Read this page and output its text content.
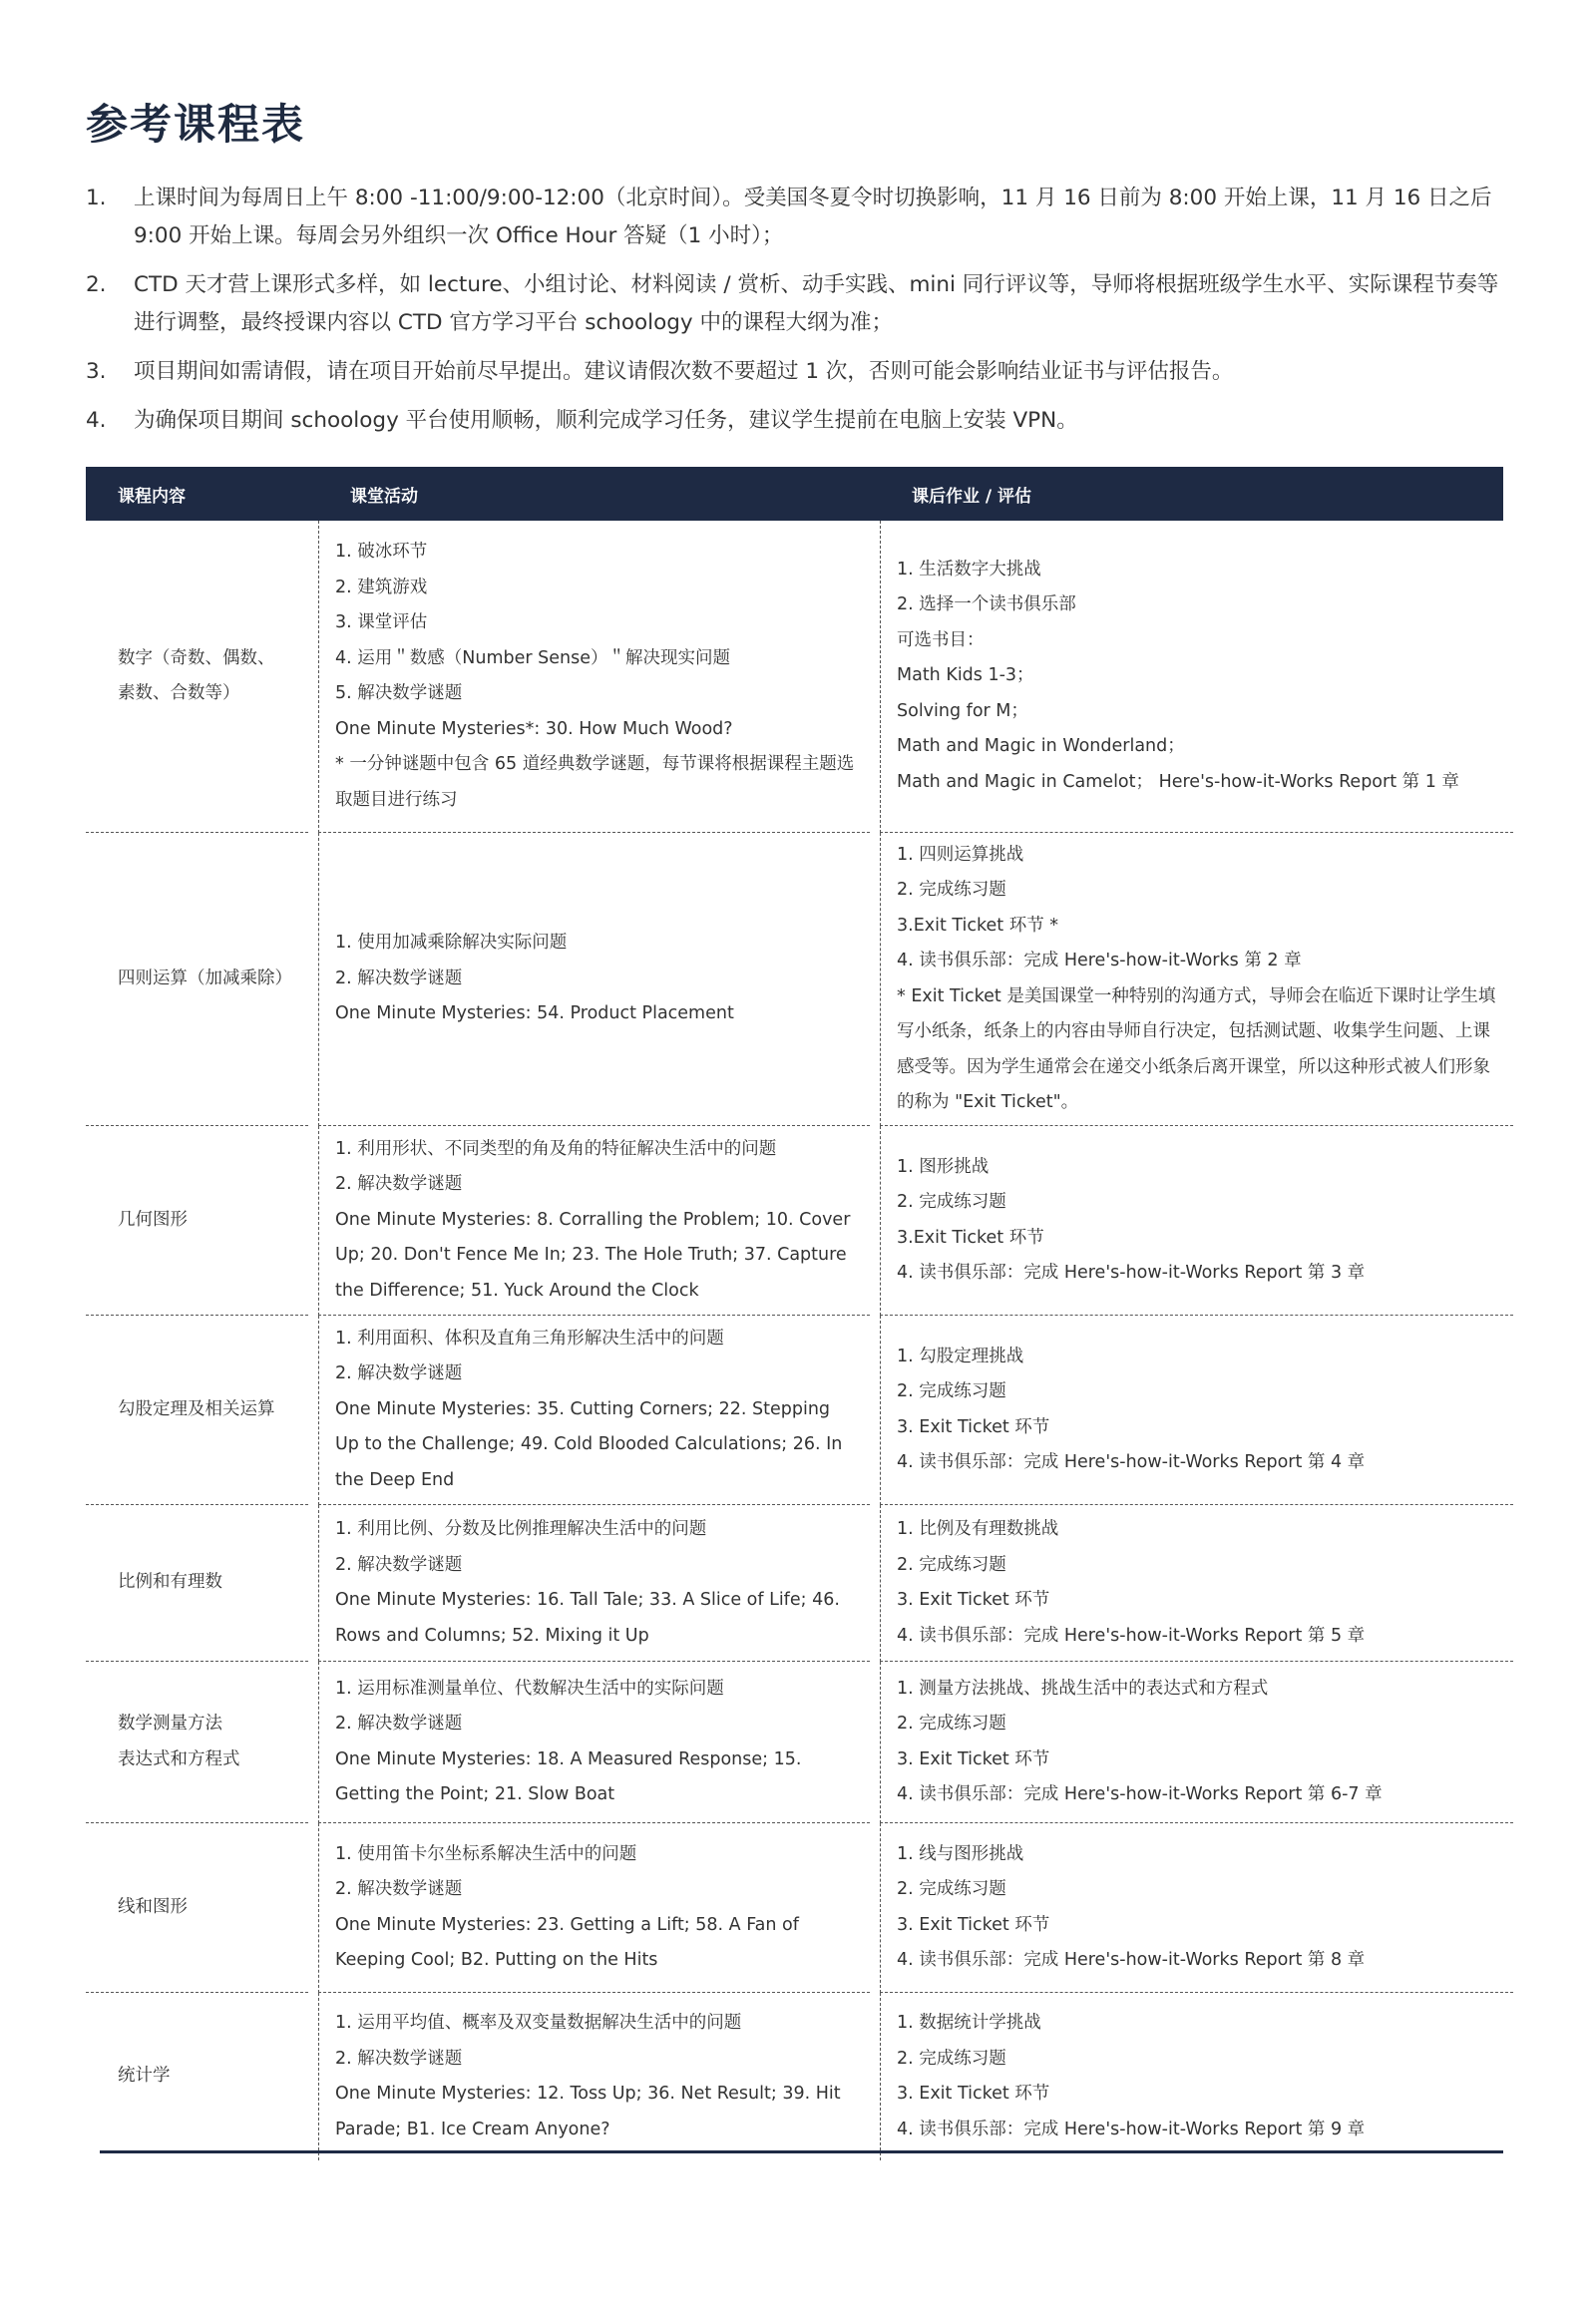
参考课程表
1. 上课时间为每周日上午 8:00 -11:00/9:00-12:00（北京时间）。受美国冬夏令时切换影响，11 月 16 日前为 8:00 开始上课，11 月 16 日之后 9:00 开始上课。每周会另外组织一次 Office Hour 答疑（1 小时）；
2. CTD 天才营上课形式多样，如 lecture、小组讨论、材料阅读 / 赏析、动手实践、mini 同行评议等，导师将根据班级学生水平、实际课程节奏等进行调整，最终授课内容以 CTD 官方学习平台 schoology 中的课程大纲为准；
3. 项目期间如需请假，请在项目开始前尽早提出。建议请假次数不要超过 1 次，否则可能会影响结业证书与评估报告。
4. 为确保项目期间 schoology 平台使用顺畅，顺利完成学习任务，建议学生提前在电脑上安装 VPN。
课程内容	课堂活动	课后作业 / 评估
数字（奇数、偶数、素数、合数等）
1. 破冰环节
2. 建筑游戏
3. 课堂评估
4. 运用＂数感（Number Sense）＂解决现实问题
5. 解决数学谜题
One Minute Mysteries*: 30. How Much Wood?
* 一分钟谜题中包含 65 道经典数学谜题，每节课将根据课程主题选取题目进行练习
1. 生活数字大挑战
2. 选择一个读书俱乐部
可选书目：
Math Kids 1-3；
Solving for M；
Math and Magic in Wonderland；
Math and Magic in Camelot； Here's-how-it-Works Report 第 1 章
四则运算（加减乘除）
1. 使用加减乘除解决实际问题
2. 解决数学谜题
One Minute Mysteries: 54. Product Placement
1. 四则运算挑战
2. 完成练习题
3.Exit Ticket 环节 *
4. 读书俱乐部：完成 Here's-how-it-Works 第 2 章
* Exit Ticket 是美国课堂一种特别的沟通方式，导师会在临近下课时让学生填写小纸条，纸条上的内容由导师自行决定，包括测试题、收集学生问题、上课感受等。因为学生通常会在递交小纸条后离开课堂，所以这种形式被人们形象的称为 "Exit Ticket"。
几何图形
1. 利用形状、不同类型的角及角的特征解决生活中的问题
2. 解决数学谜题
One Minute Mysteries: 8. Corralling the Problem; 10. Cover Up; 20. Don't Fence Me In; 23. The Hole Truth; 37. Capture the Difference; 51. Yuck Around the Clock
1. 图形挑战
2. 完成练习题
3.Exit Ticket 环节
4. 读书俱乐部：完成 Here's-how-it-Works Report 第 3 章
勾股定理及相关运算
1. 利用面积、体积及直角三角形解决生活中的问题
2. 解决数学谜题
One Minute Mysteries: 35. Cutting Corners; 22. Stepping Up to the Challenge; 49. Cold Blooded Calculations; 26. In the Deep End
1. 勾股定理挑战
2. 完成练习题
3. Exit Ticket 环节
4. 读书俱乐部：完成 Here's-how-it-Works Report 第 4 章
比例和有理数
1. 利用比例、分数及比例推理解决生活中的问题
2. 解决数学谜题
One Minute Mysteries: 16. Tall Tale; 33. A Slice of Life; 46. Rows and Columns; 52. Mixing it Up
1. 比例及有理数挑战
2. 完成练习题
3. Exit Ticket 环节
4. 读书俱乐部：完成 Here's-how-it-Works Report 第 5 章
数学测量方法
表达式和方程式
1. 运用标准测量单位、代数解决生活中的实际问题
2. 解决数学谜题
One Minute Mysteries: 18. A Measured Response; 15. Getting the Point; 21. Slow Boat
1. 测量方法挑战、挑战生活中的表达式和方程式
2. 完成练习题
3. Exit Ticket 环节
4. 读书俱乐部：完成 Here's-how-it-Works Report 第 6-7 章
线和图形
1. 使用笛卡尔坐标系解决生活中的问题
2. 解决数学谜题
One Minute Mysteries: 23. Getting a Lift; 58. A Fan of Keeping Cool; B2. Putting on the Hits
1. 线与图形挑战
2. 完成练习题
3. Exit Ticket 环节
4. 读书俱乐部：完成 Here's-how-it-Works Report 第 8 章
统计学
1. 运用平均值、概率及双变量数据解决生活中的问题
2. 解决数学谜题
One Minute Mysteries: 12. Toss Up; 36. Net Result; 39. Hit Parade; B1. Ice Cream Anyone?
1. 数据统计学挑战
2. 完成练习题
3. Exit Ticket 环节
4. 读书俱乐部：完成 Here's-how-it-Works Report 第 9 章
